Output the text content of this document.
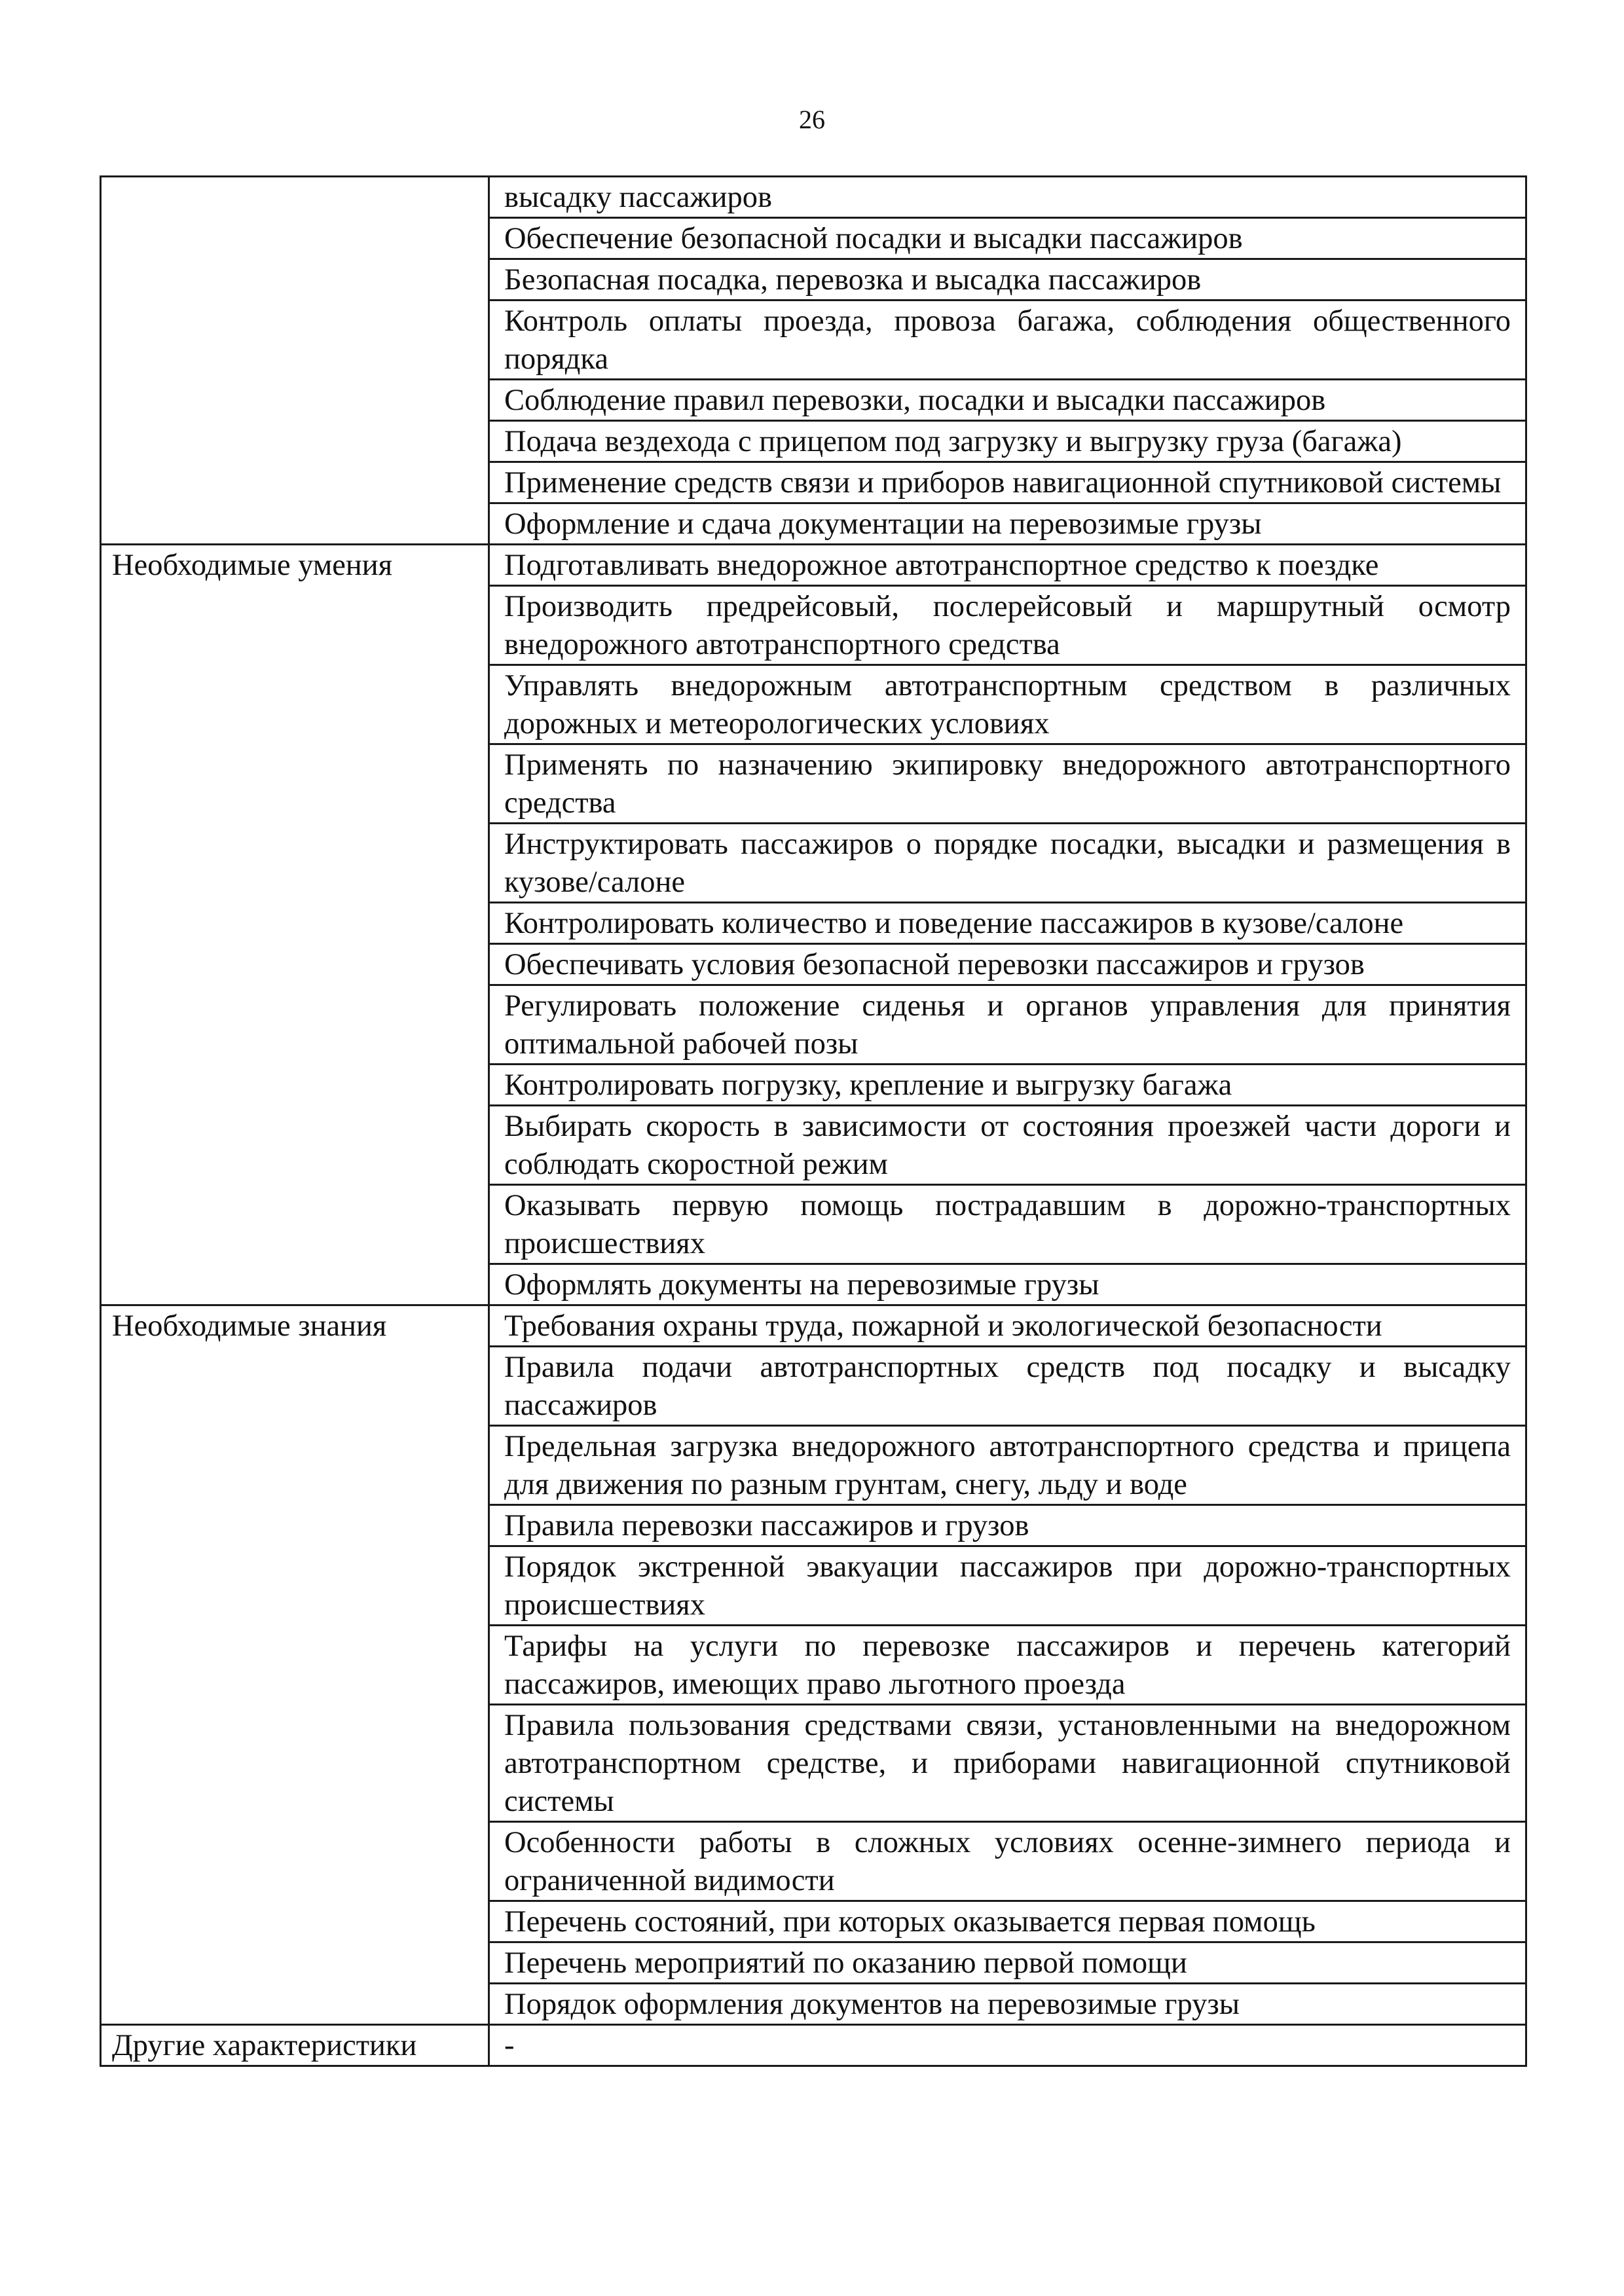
26
	высадку пассажиров
	Обеспечение безопасной посадки и высадки пассажиров
	Безопасная посадка, перевозка и высадка пассажиров
	Контроль оплаты проезда, провоза багажа, соблюдения общественного порядка
	Соблюдение правил перевозки, посадки и высадки пассажиров
	Подача вездехода с прицепом под загрузку и выгрузку груза (багажа)
	Применение средств связи и приборов навигационной спутниковой системы
	Оформление и сдача документации на перевозимые грузы
Необходимые умения	Подготавливать внедорожное автотранспортное средство к поездке
	Производить предрейсовый, послерейсовый и маршрутный осмотр внедорожного автотранспортного средства
	Управлять внедорожным автотранспортным средством в различных дорожных и метеорологических условиях
	Применять по назначению экипировку внедорожного автотранспортного средства
	Инструктировать пассажиров о порядке посадки, высадки и размещения в кузове/салоне
	Контролировать количество и поведение пассажиров в кузове/салоне
	Обеспечивать условия безопасной перевозки пассажиров и грузов
	Регулировать положение сиденья и органов управления для принятия оптимальной рабочей позы
	Контролировать погрузку, крепление и выгрузку багажа
	Выбирать скорость в зависимости от состояния проезжей части дороги и соблюдать скоростной режим
	Оказывать первую помощь пострадавшим в дорожно-транспортных происшествиях
	Оформлять документы на перевозимые грузы
Необходимые знания	Требования охраны труда, пожарной и экологической безопасности
	Правила подачи автотранспортных средств под посадку и высадку пассажиров
	Предельная загрузка внедорожного автотранспортного средства и прицепа для движения по разным грунтам, снегу, льду и воде
	Правила перевозки пассажиров и грузов
	Порядок экстренной эвакуации пассажиров при дорожно-транспортных происшествиях
	Тарифы на услуги по перевозке пассажиров и перечень категорий пассажиров, имеющих право льготного проезда
	Правила пользования средствами связи, установленными на внедорожном автотранспортном средстве, и приборами навигационной спутниковой системы
	Особенности работы в сложных условиях осенне-зимнего периода и ограниченной видимости
	Перечень состояний, при которых оказывается первая помощь
	Перечень мероприятий по оказанию первой помощи
	Порядок оформления документов на перевозимые грузы
Другие характеристики	-
